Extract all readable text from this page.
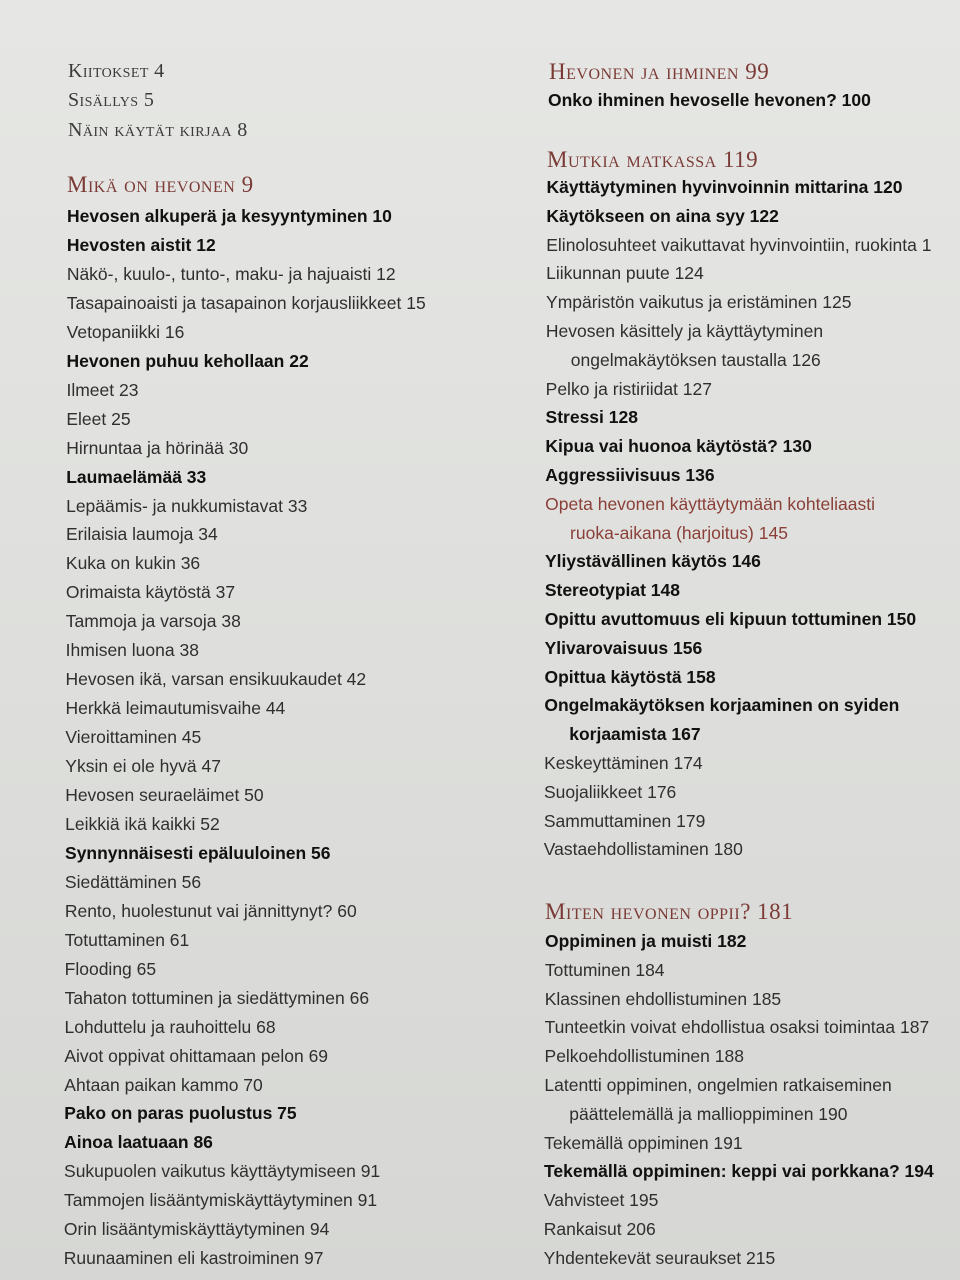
Kiitokset 4
Sisällys 5
Näin käytät kirjaa 8
Mikä on hevonen 9
Hevosen alkuperä ja kesyyntyminen 10
Hevosten aistit 12
Näkö-, kuulo-, tunto-, maku- ja hajuaisti 12
Tasapainoaisti ja tasapainon korjausliikkeet 15
Vetopaniikki 16
Hevonen puhuu kehollaan 22
Ilmeet 23
Eleet 25
Hirnuntaa ja hörinää 30
Laumaelämää 33
Lepäämis- ja nukkumistavat 33
Erilaisia laumoja 34
Kuka on kukin 36
Orimaista käytöstä 37
Tammoja ja varsoja 38
Ihmisen luona 38
Hevosen ikä, varsan ensikuukaudet 42
Herkkä leimautumisvaihe 44
Vieroittaminen 45
Yksin ei ole hyvä 47
Hevosen seuraeläimet 50
Leikkiä ikä kaikki 52
Synnynnäisesti epäluuloinen 56
Siedättäminen 56
Rento, huolestunut vai jännittynyt? 60
Totuttaminen 61
Flooding 65
Tahaton tottuminen ja siedättyminen 66
Lohduttelu ja rauhoittelu 68
Aivot oppivat ohittamaan pelon 69
Ahtaan paikan kammo 70
Pako on paras puolustus 75
Ainoa laatuaan 86
Sukupuolen vaikutus käyttäytymiseen 91
Tammojen lisääntymiskäyttäytyminen 91
Orin lisääntymiskäyttäytyminen 94
Ruunaaminen eli kastroiminen 97
Hevonen ja ihminen 99
Onko ihminen hevoselle hevonen? 100
Mutkia matkassa 119
Käyttäytyminen hyvinvoinnin mittarina 120
Käytökseen on aina syy 122
Elinolosuhteet vaikuttavat hyvinvointiin, ruokinta 1
Liikunnan puute 124
Ympäristön vaikutus ja eristäminen 125
Hevosen käsittely ja käyttäytyminen
ongelmakäytöksen taustalla 126
Pelko ja ristiriidat 127
Stressi 128
Kipua vai huonoa käytöstä? 130
Aggressiivisuus 136
Opeta hevonen käyttäytymään kohteliaasti
ruoka-aikana (harjoitus) 145
Yliystävällinen käytös 146
Stereotypiat 148
Opittu avuttomuus eli kipuun tottuminen 150
Ylivarovaisuus 156
Opittua käytöstä 158
Ongelmakäytöksen korjaaminen on syiden
korjaamista 167
Keskeyttäminen 174
Suojaliikkeet 176
Sammuttaminen 179
Vastaehdollistaminen 180
Miten hevonen oppii? 181
Oppiminen ja muisti 182
Tottuminen 184
Klassinen ehdollistuminen 185
Tunteetkin voivat ehdollistua osaksi toimintaa 187
Pelkoehdollistuminen 188
Latentti oppiminen, ongelmien ratkaiseminen
päättelemällä ja mallioppiminen 190
Tekemällä oppiminen 191
Tekemällä oppiminen: keppi vai porkkana? 194
Vahvisteet 195
Rankaisut 206
Yhdentekevät seuraukset 215
